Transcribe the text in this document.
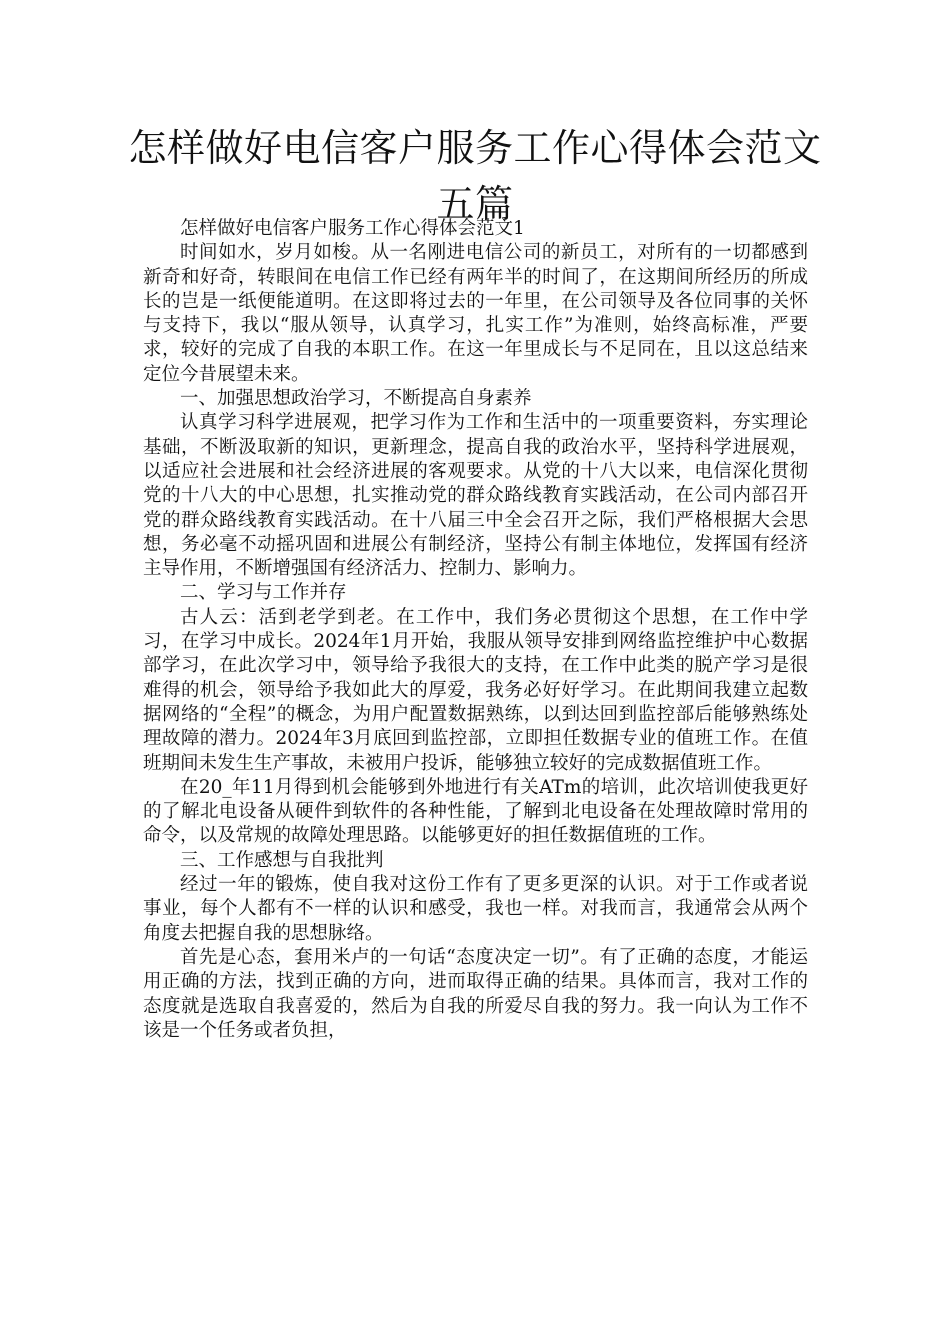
怎样做好电信客户服务工作心得体会范文五篇

怎样做好电信客户服务工作心得体会范文1

时间如水，岁月如梭。从一名刚进电信公司的新员工，对所有的一切都感到新奇和好奇，转眼间在电信工作已经有两年半的时间了，在这期间所经历的所成长的岂是一纸便能道明。在这即将过去的一年里，在公司领导及各位同事的关怀与支持下，我以“服从领导，认真学习，扎实工作”为准则，始终高标准，严要求，较好的完成了自我的本职工作。在这一年里成长与不足同在，且以这总结来定位今昔展望未来。

一、加强思想政治学习，不断提高自身素养

认真学习科学进展观，把学习作为工作和生活中的一项重要资料，夯实理论基础，不断汲取新的知识，更新理念，提高自我的政治水平，坚持科学进展观，以适应社会进展和社会经济进展的客观要求。从党的十八大以来，电信深化贯彻党的十八大的中心思想，扎实推动党的群众路线教育实践活动，在公司内部召开党的群众路线教育实践活动。在十八届三中全会召开之际，我们严格根据大会思想，务必毫不动摇巩固和进展公有制经济，坚持公有制主体地位，发挥国有经济主导作用，不断增强国有经济活力、控制力、影响力。

二、学习与工作并存

古人云：活到老学到老。在工作中，我们务必贯彻这个思想，在工作中学习，在学习中成长。2024年1月开始，我服从领导安排到网络监控维护中心数据部学习，在此次学习中，领导给予我很大的支持，在工作中此类的脱产学习是很难得的机会，领导给予我如此大的厚爱，我务必好好学习。在此期间我建立起数据网络的“全程”的概念，为用户配置数据熟练，以到达回到监控部后能够熟练处理故障的潜力。2024年3月底回到监控部，立即担任数据专业的值班工作。在值班期间未发生生产事故，未被用户投诉，能够独立较好的完成数据值班工作。

在20_年11月得到机会能够到外地进行有关ATm的培训，此次培训使我更好的了解北电设备从硬件到软件的各种性能，了解到北电设备在处理故障时常用的命令，以及常规的故障处理思路。以能够更好的担任数据值班的工作。

三、工作感想与自我批判

经过一年的锻炼，使自我对这份工作有了更多更深的认识。对于工作或者说事业，每个人都有不一样的认识和感受，我也一样。对我而言，我通常会从两个角度去把握自我的思想脉络。

首先是心态，套用米卢的一句话“态度决定一切”。有了正确的态度，才能运用正确的方法，找到正确的方向，进而取得正确的结果。具体而言，我对工作的态度就是选取自我喜爱的，然后为自我的所爱尽自我的努力。我一向认为工作不该是一个任务或者负担，
